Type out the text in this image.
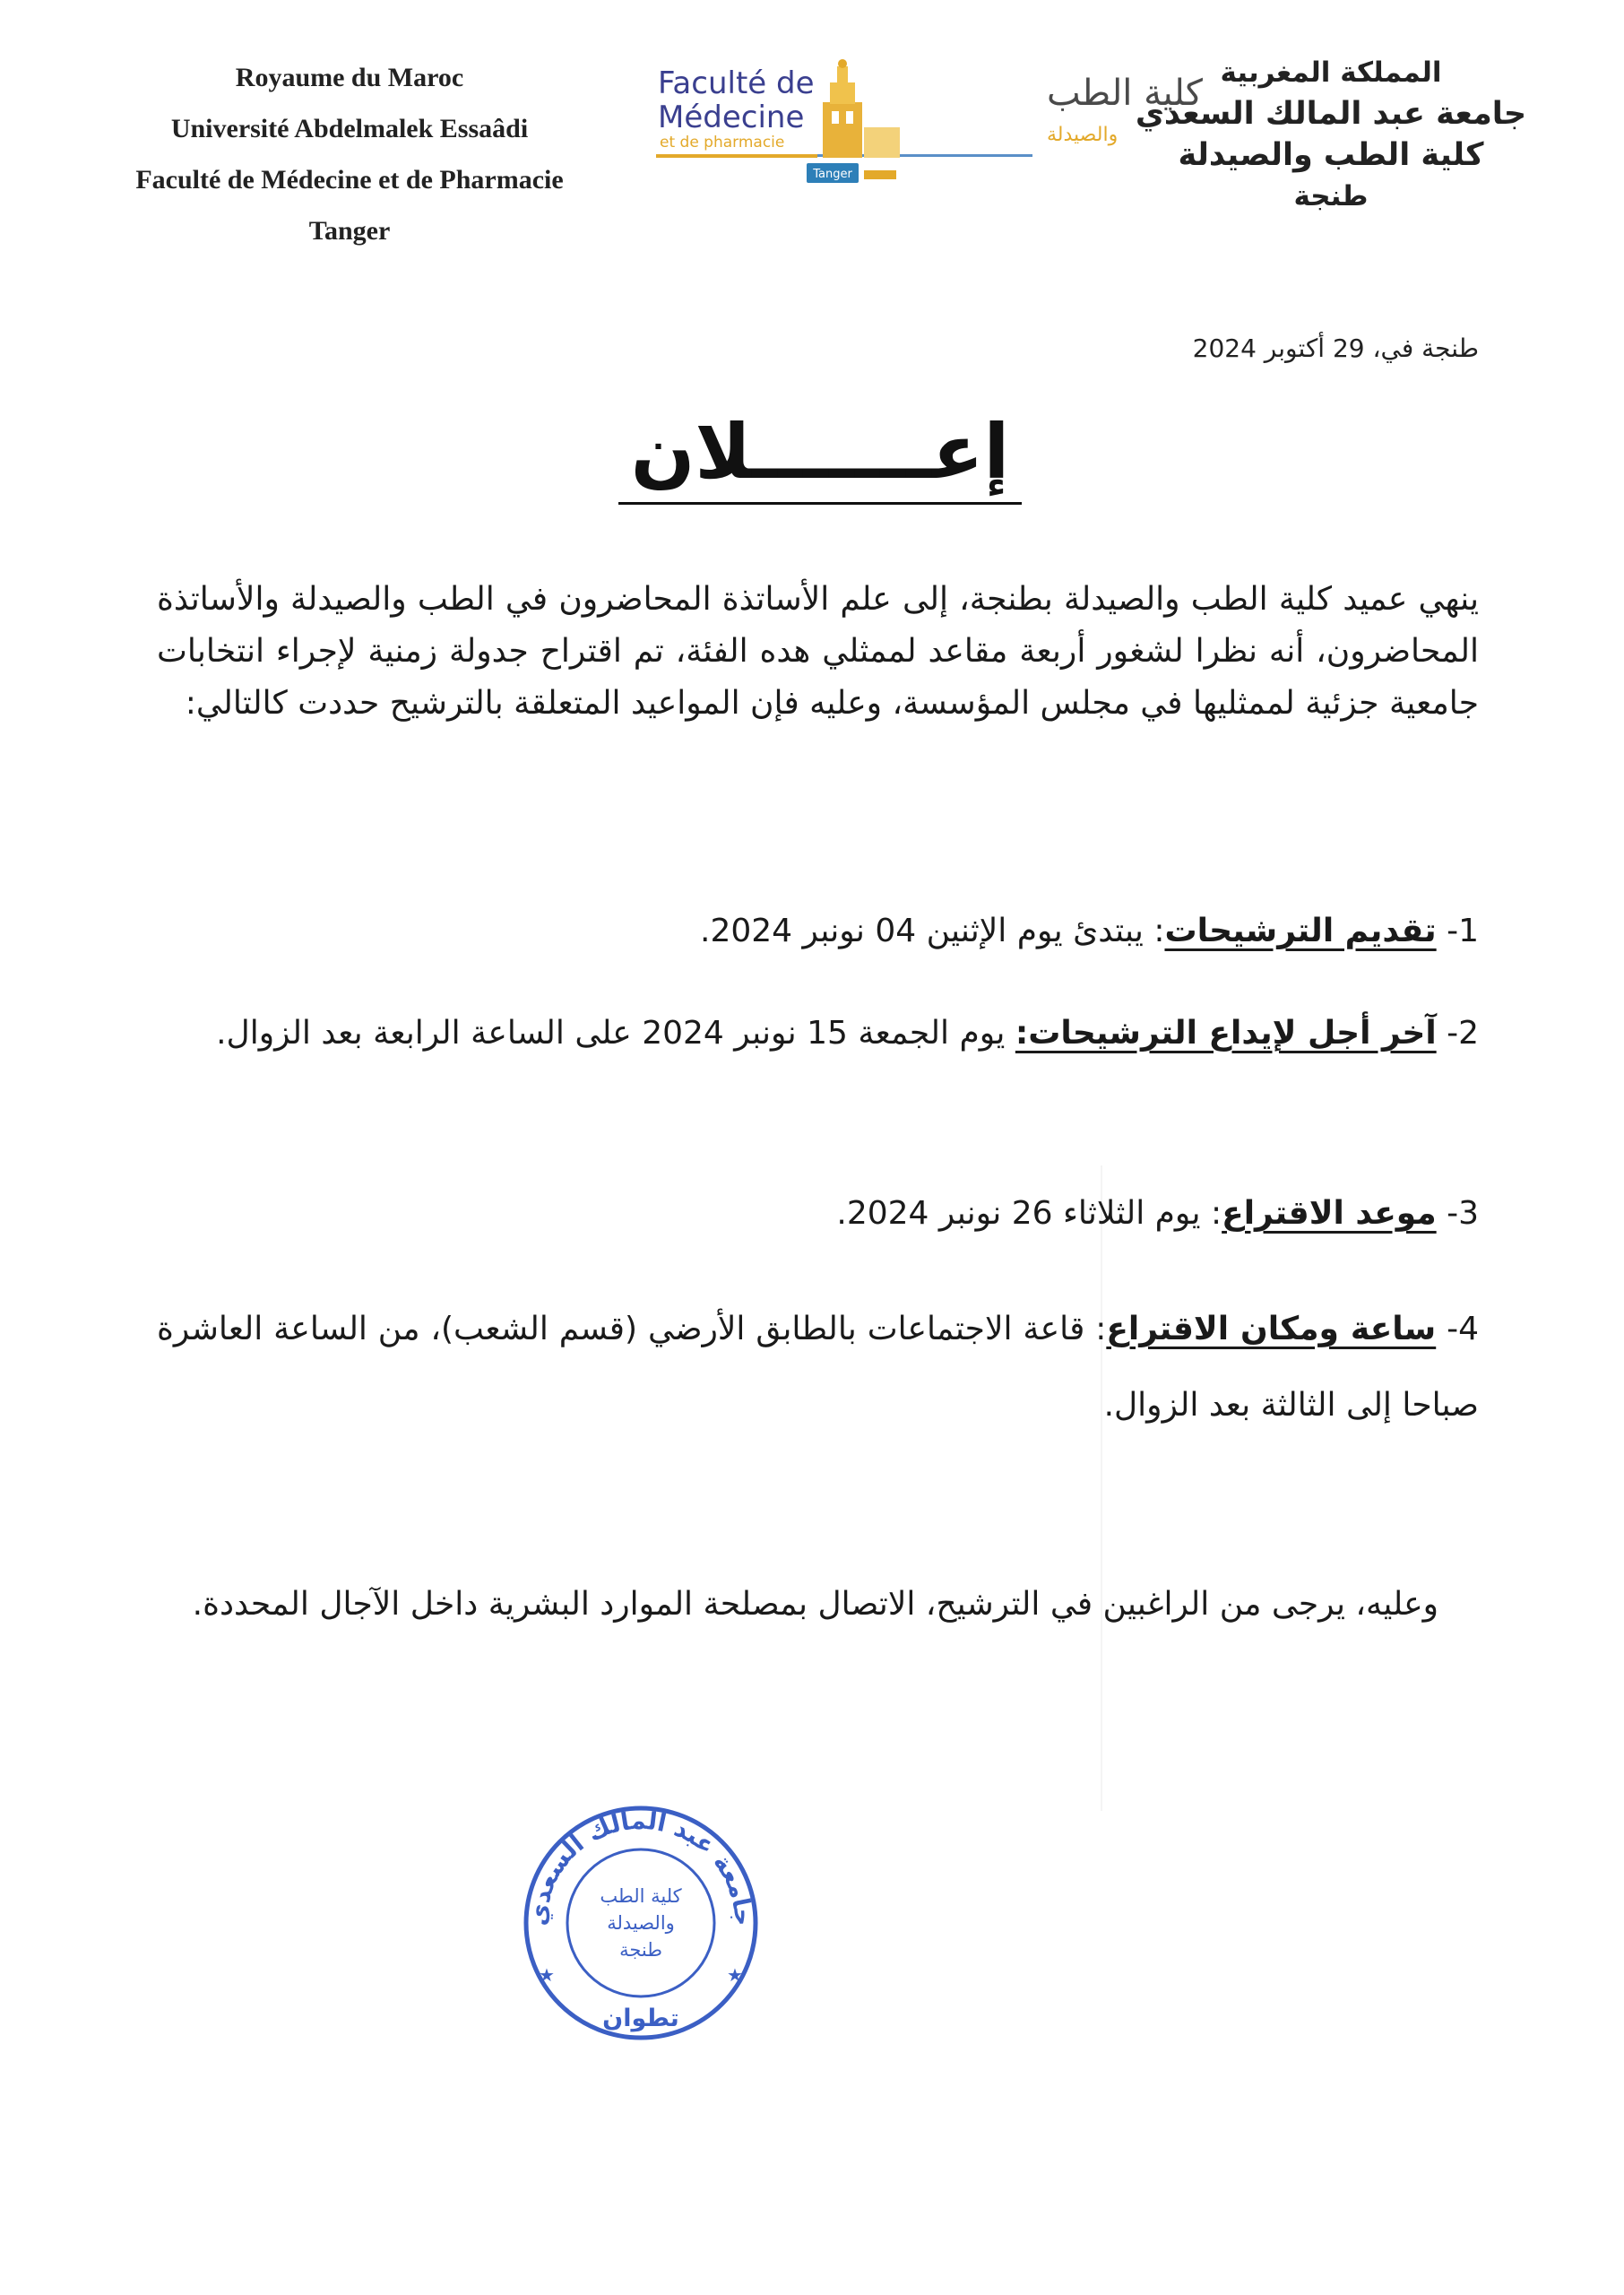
Royaume du Maroc
Université Abdelmalek Essaâdi
Faculté de Médecine et de Pharmacie
Tanger
Faculté de
Médecine
et de pharmacie
كلية الطب
والصيدلة
Tanger
المملكة المغربية
جامعة عبد المالك السعدي
كلية الطب والصيدلة
طنجة
طنجة في، 29 أكتوبر 2024
إعـــــــلان
ينهي عميد كلية الطب والصيدلة بطنجة، إلى علم الأساتذة المحاضرون في الطب والصيدلة والأساتذة المحاضرون، أنه نظرا لشغور أربعة مقاعد لممثلي هده الفئة، تم اقتراح جدولة زمنية لإجراء انتخابات جامعية جزئية لممثليها في مجلس المؤسسة، وعليه فإن المواعيد المتعلقة بالترشيح حددت كالتالي:
1- تقديم الترشيحات: يبتدئ يوم الإثنين 04 نونبر 2024.
2- آخر أجل لإيداع الترشيحات: يوم الجمعة 15 نونبر 2024 على الساعة الرابعة بعد الزوال.
3- موعد الاقتراع: يوم الثلاثاء 26 نونبر 2024.
4- ساعة ومكان الاقتراع: قاعة الاجتماعات بالطابق الأرضي (قسم الشعب)، من الساعة العاشرة صباحا إلى الثالثة بعد الزوال.
وعليه، يرجى من الراغبين في الترشيح، الاتصال بمصلحة الموارد البشرية داخل الآجال المحددة.
جامعة عبد المالك السعدي
كلية الطب
والصيدلة
طنجة
تطوان
★	★
